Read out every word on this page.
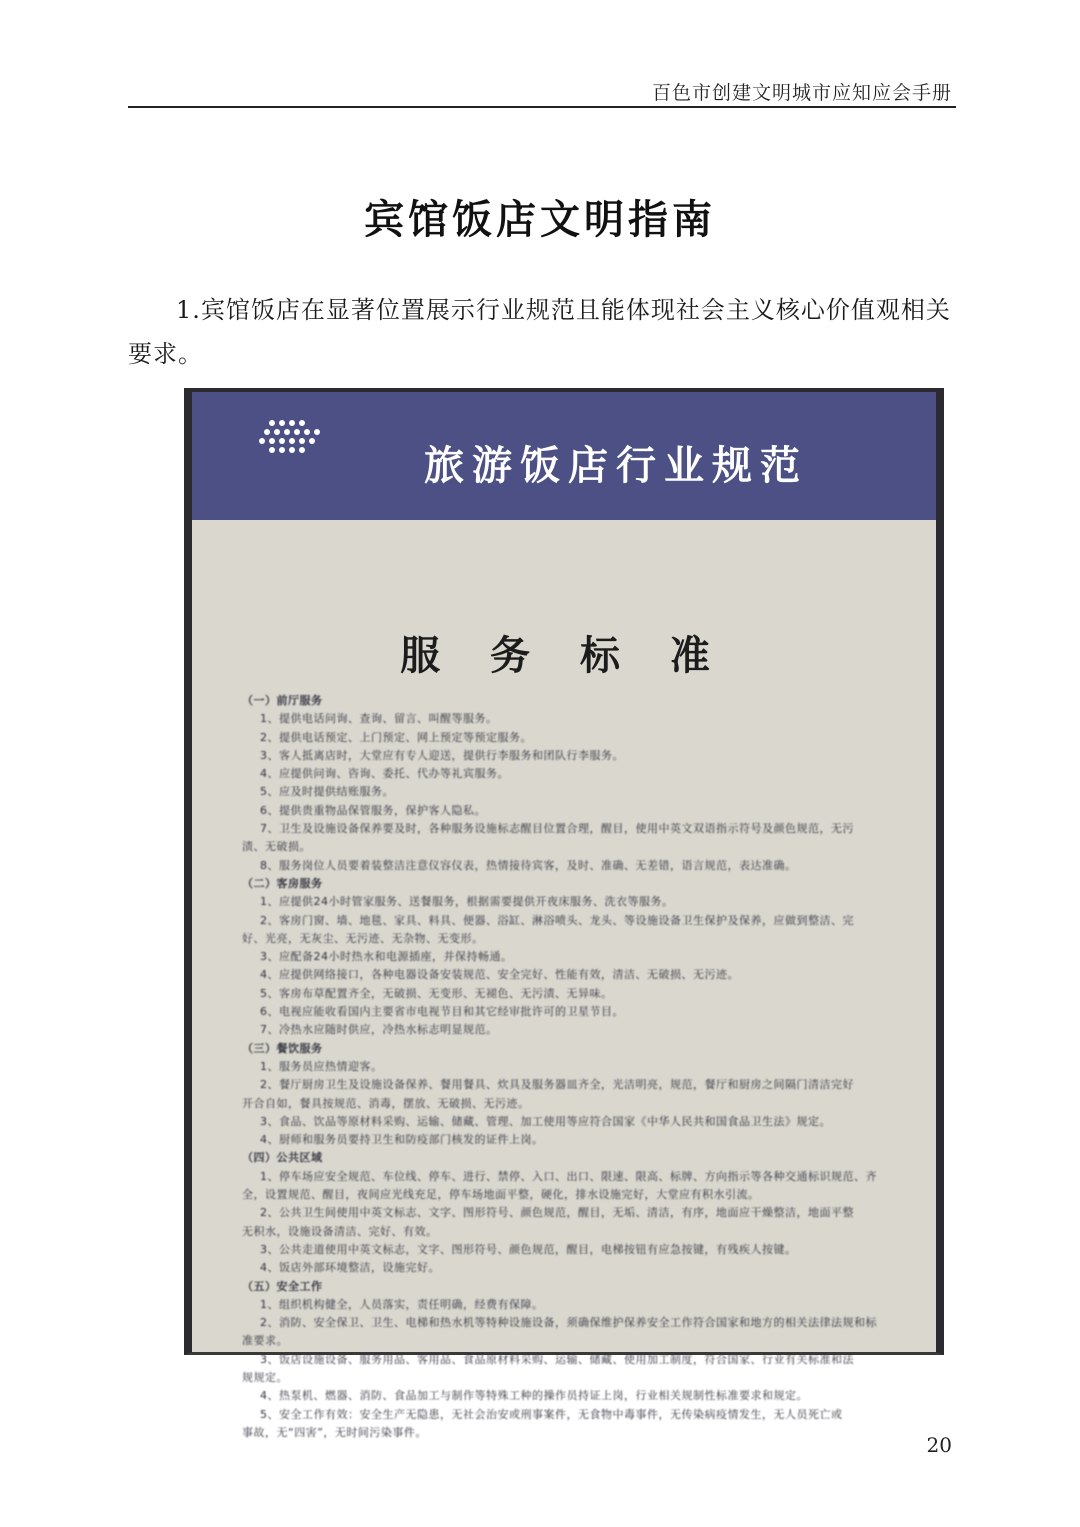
百色市创建文明城市应知应会手册
宾馆饭店文明指南
1.宾馆饭店在显著位置展示行业规范且能体现社会主义核心价值观相关要求。
旅游饭店行业规范
服 务 标 准
（一）前厅服务
1、提供电话问询、查询、留言、叫醒等服务。
2、提供电话预定、上门预定、网上预定等预定服务。
3、客人抵离店时，大堂应有专人迎送，提供行李服务和团队行李服务。
4、应提供问询、咨询、委托、代办等礼宾服务。
5、应及时提供结账服务。
6、提供贵重物品保管服务，保护客人隐私。
7、卫生及设施设备保养要及时，各种服务设施标志醒目位置合理，醒目，使用中英文双语指示符号及颜色规范，无污
渍、无破损。
8、服务岗位人员要着装整洁注意仪容仪表，热情接待宾客，及时、准确、无差错，语言规范，表达准确。
（二）客房服务
1、应提供24小时管家服务、送餐服务，根据需要提供开夜床服务、洗衣等服务。
2、客房门窗、墙、地毯、家具、料具、便器、浴缸、淋浴喷头、龙头、等设施设备卫生保护及保养，应做到整洁、完
好、光亮，无灰尘、无污迹、无杂物、无变形。
3、应配备24小时热水和电源插座，并保持畅通。
4、应提供网络接口，各种电器设备安装规范、安全完好、性能有效，清洁、无破损、无污迹。
5、客房布草配置齐全，无破损、无变形、无褪色、无污渍、无异味。
6、电视应能收看国内主要省市电视节目和其它经审批许可的卫星节目。
7、冷热水应随时供应，冷热水标志明显规范。
（三）餐饮服务
1、服务员应热情迎客。
2、餐厅厨房卫生及设施设备保养、餐用餐具、炊具及服务器皿齐全，光洁明亮，规范，餐厅和厨房之间隔门清洁完好
开合自如，餐具按规范、消毒，摆放、无破损、无污迹。
3、食品、饮品等原材料采购、运输、储藏、管理、加工使用等应符合国家《中华人民共和国食品卫生法》规定。
4、厨师和服务员要持卫生和防疫部门核发的证件上岗。
（四）公共区域
1、停车场应安全规范、车位线、停车、进行、禁停、入口、出口、限速、限高、标牌、方向指示等各种交通标识规范、齐
全，设置规范、醒目，夜间应光线充足，停车场地面平整，硬化，排水设施完好，大堂应有积水引流。
2、公共卫生间使用中英文标志、文字、图形符号、颜色规范，醒目，无垢、清洁，有序，地面应干燥整洁，地面平整
无积水，设施设备清洁、完好、有效。
3、公共走道使用中英文标志，文字、图形符号、颜色规范，醒目，电梯按钮有应急按键，有残疾人按键。
4、饭店外部环境整洁，设施完好。
（五）安全工作
1、组织机构健全，人员落实，责任明确，经费有保障。
2、消防、安全保卫、卫生、电梯和热水机等特种设施设备，须确保维护保养安全工作符合国家和地方的相关法律法规和标
准要求。
3、饭店设施设备、服务用品、客用品、食品原材料采购、运输、储藏、使用加工制度，符合国家、行业有关标准和法
规规定。
4、热泵机、燃器、消防、食品加工与制作等特殊工种的操作员持证上岗，行业相关规制性标准要求和规定。
5、安全工作有效：安全生产无隐患，无社会治安或刑事案件，无食物中毒事件，无传染病疫情发生，无人员死亡或
事故，无“四害”，无时间污染事件。
20
